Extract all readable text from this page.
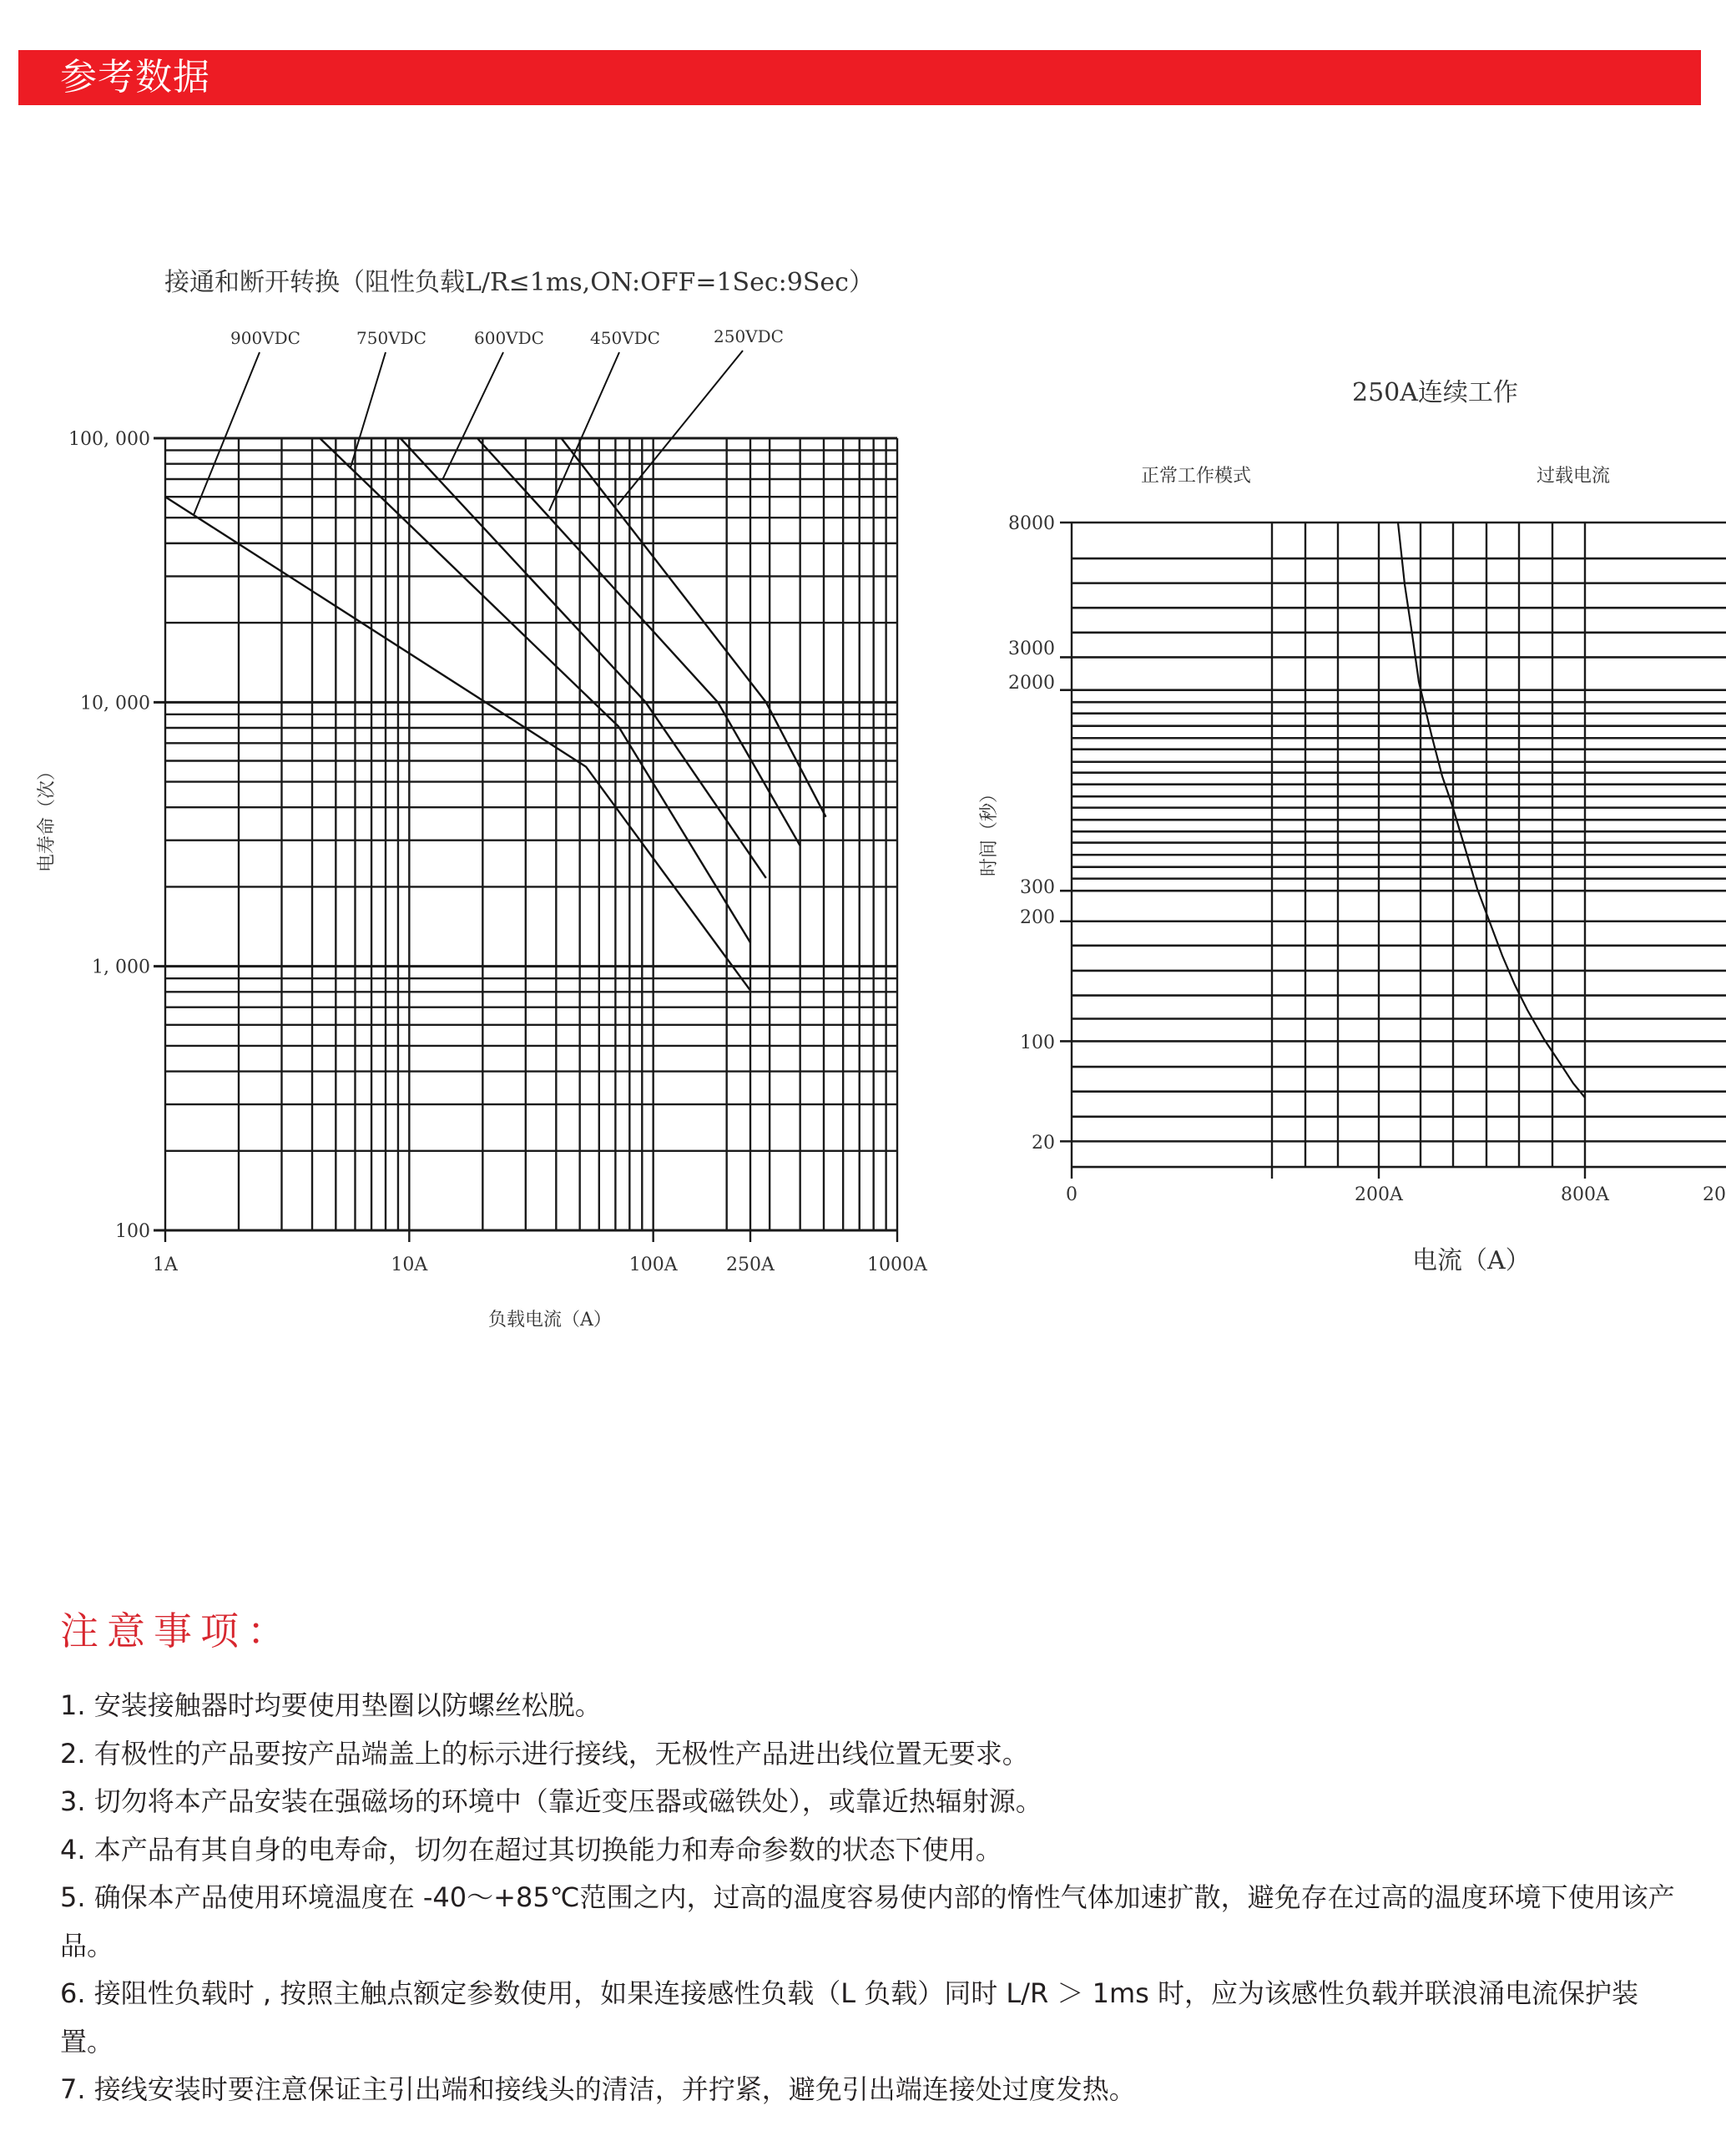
参考数据
接通和断开转换（阻性负载L/R≤1ms,ON:OFF=1Sec:9Sec）
900VDC	750VDC	600VDC	450VDC	250VDC
100, 000
10, 000
1, 000
100
1A	10A	100A	250A	1000A
负载电流（A）
电寿命（次）
250A连续工作
正常工作模式	过载电流
8000
3000
2000
300
200
100
20
0	200A	800A	20
电流（A）
时间（秒）
注意事项：

1. 安装接触器时均要使用垫圈以防螺丝松脱。

2. 有极性的产品要按产品端盖上的标示进行接线，无极性产品进出线位置无要求。

3. 切勿将本产品安装在强磁场的环境中（靠近变压器或磁铁处），或靠近热辐射源。

4. 本产品有其自身的电寿命，切勿在超过其切换能力和寿命参数的状态下使用。

5. 确保本产品使用环境温度在 -40～+85℃范围之内，过高的温度容易使内部的惰性气体加速扩散，避免存在过高的温度环境下使用该产品。

6. 接阻性负载时 , 按照主触点额定参数使用，如果连接感性负载（L 负载）同时 L/R ＞ 1ms 时，应为该感性负载并联浪涌电流保护装置。

7. 接线安装时要注意保证主引出端和接线头的清洁，并拧紧，避免引出端连接处过度发热。
